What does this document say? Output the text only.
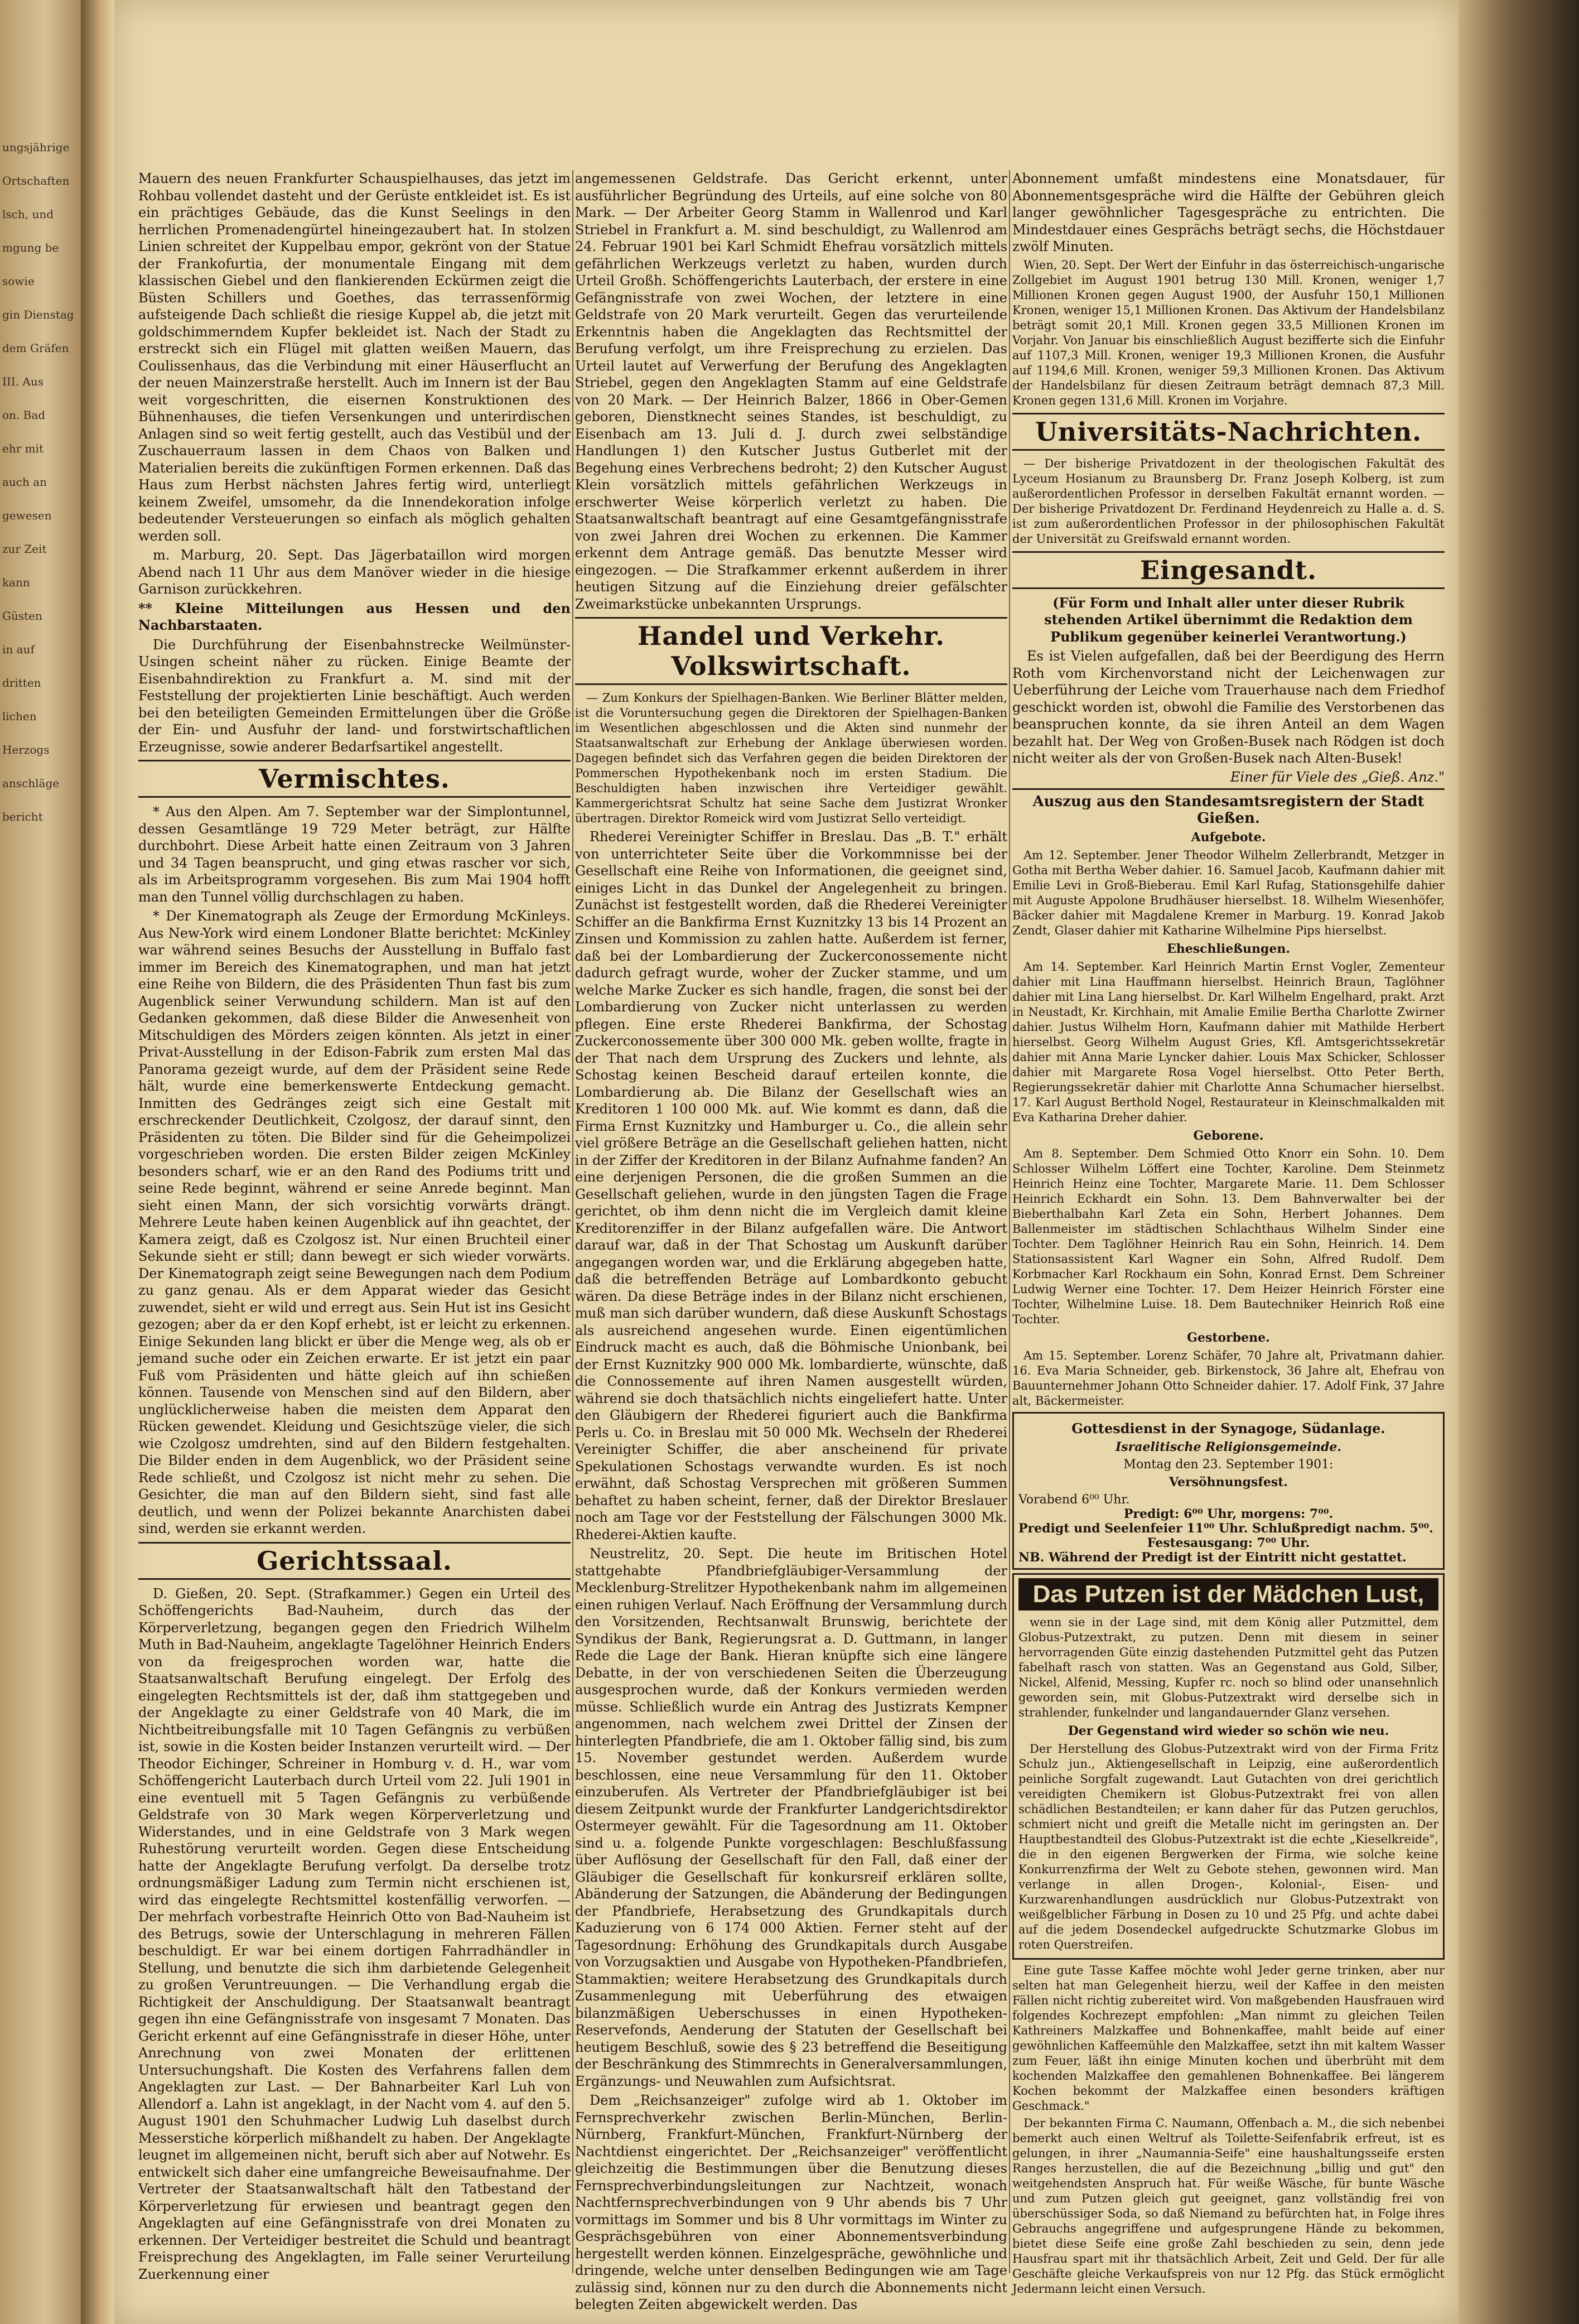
ungsjährige
Ortschaften
lsch, und
mgung be
sowie
gin Dienstag
dem Gräfen
III. Aus
on. Bad
ehr mit
auch an
gewesen
zur Zeit
kann
Güsten
in auf
dritten
lichen
Herzogs
anschläge
bericht

Mauern des neuen Frankfurter Schauspielhauses, das jetzt im Rohbau vollendet dasteht und der Gerüste entkleidet ist. Es ist ein prächtiges Gebäude, das die Kunst Seelings in den herrlichen Promenadengürtel hineingezaubert hat. In stolzen Linien schreitet der Kuppelbau empor, gekrönt von der Statue der Frankofurtia, der monumentale Eingang mit dem klassischen Giebel und den flankierenden Eckürmen zeigt die Büsten Schillers und Goethes, das terrassenförmig aufsteigende Dach schließt die riesige Kuppel ab, die jetzt mit goldschimmerndem Kupfer bekleidet ist. Nach der Stadt zu erstreckt sich ein Flügel mit glatten weißen Mauern, das Coulissenhaus, das die Verbindung mit einer Häuserflucht an der neuen Mainzerstraße herstellt. Auch im Innern ist der Bau weit vorgeschritten, die eisernen Konstruktionen des Bühnenhauses, die tiefen Versenkungen und unterirdischen Anlagen sind so weit fertig gestellt, auch das Vestibül und der Zuschauerraum lassen in dem Chaos von Balken und Materialien bereits die zukünftigen Formen erkennen. Daß das Haus zum Herbst nächsten Jahres fertig wird, unterliegt keinem Zweifel, umsomehr, da die Innendekoration infolge bedeutender Versteuerungen so einfach als möglich gehalten werden soll.

m. Marburg, 20. Sept. Das Jägerbataillon wird morgen Abend nach 11 Uhr aus dem Manöver wieder in die hiesige Garnison zurückkehren.

** Kleine Mitteilungen aus Hessen und den Nachbarstaaten.

Die Durchführung der Eisenbahnstrecke Weilmünster-Usingen scheint näher zu rücken. Einige Beamte der Eisenbahndirektion zu Frankfurt a. M. sind mit der Feststellung der projektierten Linie beschäftigt. Auch werden bei den beteiligten Gemeinden Ermittelungen über die Größe der Ein- und Ausfuhr der land- und forstwirtschaftlichen Erzeugnisse, sowie anderer Bedarfsartikel angestellt.

Vermischtes.

* Aus den Alpen. Am 7. September war der Simplontunnel, dessen Gesamtlänge 19 729 Meter beträgt, zur Hälfte durchbohrt. Diese Arbeit hatte einen Zeitraum von 3 Jahren und 34 Tagen beansprucht, und ging etwas rascher vor sich, als im Arbeitsprogramm vorgesehen. Bis zum Mai 1904 hofft man den Tunnel völlig durchschlagen zu haben.

* Der Kinematograph als Zeuge der Ermordung McKinleys. Aus New-York wird einem Londoner Blatte berichtet: McKinley war während seines Besuchs der Ausstellung in Buffalo fast immer im Bereich des Kinematographen, und man hat jetzt eine Reihe von Bildern, die des Präsidenten Thun fast bis zum Augenblick seiner Verwundung schildern. Man ist auf den Gedanken gekommen, daß diese Bilder die Anwesenheit von Mitschuldigen des Mörders zeigen könnten. Als jetzt in einer Privat-Ausstellung in der Edison-Fabrik zum ersten Mal das Panorama gezeigt wurde, auf dem der Präsident seine Rede hält, wurde eine bemerkenswerte Entdeckung gemacht. Inmitten des Gedränges zeigt sich eine Gestalt mit erschreckender Deutlichkeit, Czolgosz, der darauf sinnt, den Präsidenten zu töten. Die Bilder sind für die Geheimpolizei vorgeschrieben worden. Die ersten Bilder zeigen McKinley besonders scharf, wie er an den Rand des Podiums tritt und seine Rede beginnt, während er seine Anrede beginnt. Man sieht einen Mann, der sich vorsichtig vorwärts drängt. Mehrere Leute haben keinen Augenblick auf ihn geachtet, der Kamera zeigt, daß es Czolgosz ist. Nur einen Bruchteil einer Sekunde sieht er still; dann bewegt er sich wieder vorwärts. Der Kinematograph zeigt seine Bewegungen nach dem Podium zu ganz genau. Als er dem Apparat wieder das Gesicht zuwendet, sieht er wild und erregt aus. Sein Hut ist ins Gesicht gezogen; aber da er den Kopf erhebt, ist er leicht zu erkennen. Einige Sekunden lang blickt er über die Menge weg, als ob er jemand suche oder ein Zeichen erwarte. Er ist jetzt ein paar Fuß vom Präsidenten und hätte gleich auf ihn schießen können. Tausende von Menschen sind auf den Bildern, aber unglücklicherweise haben die meisten dem Apparat den Rücken gewendet. Kleidung und Gesichtszüge vieler, die sich wie Czolgosz umdrehten, sind auf den Bildern festgehalten. Die Bilder enden in dem Augenblick, wo der Präsident seine Rede schließt, und Czolgosz ist nicht mehr zu sehen. Die Gesichter, die man auf den Bildern sieht, sind fast alle deutlich, und wenn der Polizei bekannte Anarchisten dabei sind, werden sie erkannt werden.

Gerichtssaal.

D. Gießen, 20. Sept. (Strafkammer.) Gegen ein Urteil des Schöffengerichts Bad-Nauheim, durch das der Körperverletzung, begangen gegen den Friedrich Wilhelm Muth in Bad-Nauheim, angeklagte Tagelöhner Heinrich Enders von da freigesprochen worden war, hatte die Staatsanwaltschaft Berufung eingelegt. Der Erfolg des eingelegten Rechtsmittels ist der, daß ihm stattgegeben und der Angeklagte zu einer Geldstrafe von 40 Mark, die im Nichtbeitreibungsfalle mit 10 Tagen Gefängnis zu verbüßen ist, sowie in die Kosten beider Instanzen verurteilt wird. — Der Theodor Eichinger, Schreiner in Homburg v. d. H., war vom Schöffengericht Lauterbach durch Urteil vom 22. Juli 1901 in eine eventuell mit 5 Tagen Gefängnis zu verbüßende Geldstrafe von 30 Mark wegen Körperverletzung und Widerstandes, und in eine Geldstrafe von 3 Mark wegen Ruhestörung verurteilt worden. Gegen diese Entscheidung hatte der Angeklagte Berufung verfolgt. Da derselbe trotz ordnungsmäßiger Ladung zum Termin nicht erschienen ist, wird das eingelegte Rechtsmittel kostenfällig verworfen. — Der mehrfach vorbestrafte Heinrich Otto von Bad-Nauheim ist des Betrugs, sowie der Unterschlagung in mehreren Fällen beschuldigt. Er war bei einem dortigen Fahrradhändler in Stellung, und benutzte die sich ihm darbietende Gelegenheit zu großen Veruntreuungen. — Die Verhandlung ergab die Richtigkeit der Anschuldigung. Der Staatsanwalt beantragt gegen ihn eine Gefängnisstrafe von insgesamt 7 Monaten. Das Gericht erkennt auf eine Gefängnisstrafe in dieser Höhe, unter Anrechnung von zwei Monaten der erlittenen Untersuchungshaft. Die Kosten des Verfahrens fallen dem Angeklagten zur Last. — Der Bahnarbeiter Karl Luh von Allendorf a. Lahn ist angeklagt, in der Nacht vom 4. auf den 5. August 1901 den Schuhmacher Ludwig Luh daselbst durch Messerstiche körperlich mißhandelt zu haben. Der Angeklagte leugnet im allgemeinen nicht, beruft sich aber auf Notwehr. Es entwickelt sich daher eine umfangreiche Beweisaufnahme. Der Vertreter der Staatsanwaltschaft hält den Tatbestand der Körperverletzung für erwiesen und beantragt gegen den Angeklagten auf eine Gefängnisstrafe von drei Monaten zu erkennen. Der Verteidiger bestreitet die Schuld und beantragt Freisprechung des Angeklagten, im Falle seiner Verurteilung Zuerkennung einer

angemessenen Geldstrafe. Das Gericht erkennt, unter ausführlicher Begründung des Urteils, auf eine solche von 80 Mark. — Der Arbeiter Georg Stamm in Wallenrod und Karl Striebel in Frankfurt a. M. sind beschuldigt, zu Wallenrod am 24. Februar 1901 bei Karl Schmidt Ehefrau vorsätzlich mittels gefährlichen Werkzeugs verletzt zu haben, wurden durch Urteil Großh. Schöffengerichts Lauterbach, der erstere in eine Gefängnisstrafe von zwei Wochen, der letztere in eine Geldstrafe von 20 Mark verurteilt. Gegen das verurteilende Erkenntnis haben die Angeklagten das Rechtsmittel der Berufung verfolgt, um ihre Freisprechung zu erzielen. Das Urteil lautet auf Verwerfung der Berufung des Angeklagten Striebel, gegen den Angeklagten Stamm auf eine Geldstrafe von 20 Mark. — Der Heinrich Balzer, 1866 in Ober-Gemen geboren, Dienstknecht seines Standes, ist beschuldigt, zu Eisenbach am 13. Juli d. J. durch zwei selbständige Handlungen 1) den Kutscher Justus Gutberlet mit der Begehung eines Verbrechens bedroht; 2) den Kutscher August Klein vorsätzlich mittels gefährlichen Werkzeugs in erschwerter Weise körperlich verletzt zu haben. Die Staatsanwaltschaft beantragt auf eine Gesamtgefängnisstrafe von zwei Jahren drei Wochen zu erkennen. Die Kammer erkennt dem Antrage gemäß. Das benutzte Messer wird eingezogen. — Die Strafkammer erkennt außerdem in ihrer heutigen Sitzung auf die Einziehung dreier gefälschter Zweimarkstücke unbekannten Ursprungs.

Handel und Verkehr. Volkswirtschaft.

— Zum Konkurs der Spielhagen-Banken. Wie Berliner Blätter melden, ist die Voruntersuchung gegen die Direktoren der Spielhagen-Banken im Wesentlichen abgeschlossen und die Akten sind nunmehr der Staatsanwaltschaft zur Erhebung der Anklage überwiesen worden. Dagegen befindet sich das Verfahren gegen die beiden Direktoren der Pommerschen Hypothekenbank noch im ersten Stadium. Die Beschuldigten haben inzwischen ihre Verteidiger gewählt. Kammergerichtsrat Schultz hat seine Sache dem Justizrat Wronker übertragen. Direktor Romeick wird vom Justizrat Sello verteidigt.

Rhederei Vereinigter Schiffer in Breslau. Das „B. T." erhält von unterrichteter Seite über die Vorkommnisse bei der Gesellschaft eine Reihe von Informationen, die geeignet sind, einiges Licht in das Dunkel der Angelegenheit zu bringen. Zunächst ist festgestellt worden, daß die Rhederei Vereinigter Schiffer an die Bankfirma Ernst Kuznitzky 13 bis 14 Prozent an Zinsen und Kommission zu zahlen hatte. Außerdem ist ferner, daß bei der Lombardierung der Zuckerconossemente nicht dadurch gefragt wurde, woher der Zucker stamme, und um welche Marke Zucker es sich handle, fragen, die sonst bei der Lombardierung von Zucker nicht unterlassen zu werden pflegen. Eine erste Rhederei Bankfirma, der Schostag Zuckerconossemente über 300 000 Mk. geben wollte, fragte in der That nach dem Ursprung des Zuckers und lehnte, als Schostag keinen Bescheid darauf erteilen konnte, die Lombardierung ab. Die Bilanz der Gesellschaft wies an Kreditoren 1 100 000 Mk. auf. Wie kommt es dann, daß die Firma Ernst Kuznitzky und Hamburger u. Co., die allein sehr viel größere Beträge an die Gesellschaft geliehen hatten, nicht in der Ziffer der Kreditoren in der Bilanz Aufnahme fanden? An eine derjenigen Personen, die die großen Summen an die Gesellschaft geliehen, wurde in den jüngsten Tagen die Frage gerichtet, ob ihm denn nicht die im Vergleich damit kleine Kreditorenziffer in der Bilanz aufgefallen wäre. Die Antwort darauf war, daß in der That Schostag um Auskunft darüber angegangen worden war, und die Erklärung abgegeben hatte, daß die betreffenden Beträge auf Lombardkonto gebucht wären. Da diese Beträge indes in der Bilanz nicht erschienen, muß man sich darüber wundern, daß diese Auskunft Schostags als ausreichend angesehen wurde. Einen eigentümlichen Eindruck macht es auch, daß die Böhmische Unionbank, bei der Ernst Kuznitzky 900 000 Mk. lombardierte, wünschte, daß die Connossemente auf ihren Namen ausgestellt würden, während sie doch thatsächlich nichts eingeliefert hatte. Unter den Gläubigern der Rhederei figuriert auch die Bankfirma Perls u. Co. in Breslau mit 50 000 Mk. Wechseln der Rhederei Vereinigter Schiffer, die aber anscheinend für private Spekulationen Schostags verwandte wurden. Es ist noch erwähnt, daß Schostag Versprechen mit größeren Summen behaftet zu haben scheint, ferner, daß der Direktor Breslauer noch am Tage vor der Feststellung der Fälschungen 3000 Mk. Rhederei-Aktien kaufte.

Neustrelitz, 20. Sept. Die heute im Britischen Hotel stattgehabte Pfandbriefgläubiger-Versammlung der Mecklenburg-Strelitzer Hypothekenbank nahm im allgemeinen einen ruhigen Verlauf. Nach Eröffnung der Versammlung durch den Vorsitzenden, Rechtsanwalt Brunswig, berichtete der Syndikus der Bank, Regierungsrat a. D. Guttmann, in langer Rede die Lage der Bank. Hieran knüpfte sich eine längere Debatte, in der von verschiedenen Seiten die Überzeugung ausgesprochen wurde, daß der Konkurs vermieden werden müsse. Schließlich wurde ein Antrag des Justizrats Kempner angenommen, nach welchem zwei Drittel der Zinsen der hinterlegten Pfandbriefe, die am 1. Oktober fällig sind, bis zum 15. November gestundet werden. Außerdem wurde beschlossen, eine neue Versammlung für den 11. Oktober einzuberufen. Als Vertreter der Pfandbriefgläubiger ist bei diesem Zeitpunkt wurde der Frankfurter Landgerichtsdirektor Ostermeyer gewählt. Für die Tagesordnung am 11. Oktober sind u. a. folgende Punkte vorgeschlagen: Beschlußfassung über Auflösung der Gesellschaft für den Fall, daß einer der Gläubiger die Gesellschaft für konkursreif erklären sollte, Abänderung der Satzungen, die Abänderung der Bedingungen der Pfandbriefe, Herabsetzung des Grundkapitals durch Kaduzierung von 6 174 000 Aktien. Ferner steht auf der Tagesordnung: Erhöhung des Grundkapitals durch Ausgabe von Vorzugsaktien und Ausgabe von Hypotheken-Pfandbriefen, Stammaktien; weitere Herabsetzung des Grundkapitals durch Zusammenlegung mit Ueberführung des etwaigen bilanzmäßigen Ueberschusses in einen Hypotheken-Reservefonds, Aenderung der Statuten der Gesellschaft bei heutigem Beschluß, sowie des § 23 betreffend die Beseitigung der Beschränkung des Stimmrechts in Generalversammlungen, Ergänzungs- und Neuwahlen zum Aufsichtsrat.

Dem „Reichsanzeiger" zufolge wird ab 1. Oktober im Fernsprechverkehr zwischen Berlin-München, Berlin-Nürnberg, Frankfurt-München, Frankfurt-Nürnberg der Nachtdienst eingerichtet. Der „Reichsanzeiger" veröffentlicht gleichzeitig die Bestimmungen über die Benutzung dieses Fernsprechverbindungsleitungen zur Nachtzeit, wonach Nachtfernsprechverbindungen von 9 Uhr abends bis 7 Uhr vormittags im Sommer und bis 8 Uhr vormittags im Winter zu Gesprächsgebühren von einer Abonnementsverbindung hergestellt werden können. Einzelgespräche, gewöhnliche und dringende, welche unter denselben Bedingungen wie am Tage zulässig sind, können nur zu den durch die Abonnements nicht belegten Zeiten abgewickelt werden. Das

Abonnement umfaßt mindestens eine Monatsdauer, für Abonnementsgespräche wird die Hälfte der Gebühren gleich langer gewöhnlicher Tagesgespräche zu entrichten. Die Mindestdauer eines Gesprächs beträgt sechs, die Höchstdauer zwölf Minuten.

Wien, 20. Sept. Der Wert der Einfuhr in das österreichisch-ungarische Zollgebiet im August 1901 betrug 130 Mill. Kronen, weniger 1,7 Millionen Kronen gegen August 1900, der Ausfuhr 150,1 Millionen Kronen, weniger 15,1 Millionen Kronen. Das Aktivum der Handelsbilanz beträgt somit 20,1 Mill. Kronen gegen 33,5 Millionen Kronen im Vorjahr. Von Januar bis einschließlich August bezifferte sich die Einfuhr auf 1107,3 Mill. Kronen, weniger 19,3 Millionen Kronen, die Ausfuhr auf 1194,6 Mill. Kronen, weniger 59,3 Millionen Kronen. Das Aktivum der Handelsbilanz für diesen Zeitraum beträgt demnach 87,3 Mill. Kronen gegen 131,6 Mill. Kronen im Vorjahre.

Universitäts-Nachrichten.

— Der bisherige Privatdozent in der theologischen Fakultät des Lyceum Hosianum zu Braunsberg Dr. Franz Joseph Kolberg, ist zum außerordentlichen Professor in derselben Fakultät ernannt worden. — Der bisherige Privatdozent Dr. Ferdinand Heydenreich zu Halle a. d. S. ist zum außerordentlichen Professor in der philosophischen Fakultät der Universität zu Greifswald ernannt worden.

Eingesandt.

(Für Form und Inhalt aller unter dieser Rubrik stehenden Artikel übernimmt die Redaktion dem Publikum gegenüber keinerlei Verantwortung.)

Es ist Vielen aufgefallen, daß bei der Beerdigung des Herrn Roth vom Kirchenvorstand nicht der Leichenwagen zur Ueberführung der Leiche vom Trauerhause nach dem Friedhof geschickt worden ist, obwohl die Familie des Verstorbenen das beanspruchen konnte, da sie ihren Anteil an dem Wagen bezahlt hat. Der Weg von Großen-Busek nach Rödgen ist doch nicht weiter als der von Großen-Busek nach Alten-Busek!

Einer für Viele des „Gieß. Anz."
Auszug aus den Standesamtsregistern der Stadt Gießen.
Aufgebote.

Am 12. September. Jener Theodor Wilhelm Zellerbrandt, Metzger in Gotha mit Bertha Weber dahier. 16. Samuel Jacob, Kaufmann dahier mit Emilie Levi in Groß-Bieberau. Emil Karl Rufag, Stationsgehilfe dahier mit Auguste Appolone Brudhäuser hierselbst. 18. Wilhelm Wiesenhöfer, Bäcker dahier mit Magdalene Kremer in Marburg. 19. Konrad Jakob Zendt, Glaser dahier mit Katharine Wilhelmine Pips hierselbst.

Eheschließungen.

Am 14. September. Karl Heinrich Martin Ernst Vogler, Zementeur dahier mit Lina Hauffmann hierselbst. Heinrich Braun, Taglöhner dahier mit Lina Lang hierselbst. Dr. Karl Wilhelm Engelhard, prakt. Arzt in Neustadt, Kr. Kirchhain, mit Amalie Emilie Bertha Charlotte Zwirner dahier. Justus Wilhelm Horn, Kaufmann dahier mit Mathilde Herbert hierselbst. Georg Wilhelm August Gries, Kfl. Amtsgerichtssekretär dahier mit Anna Marie Lyncker dahier. Louis Max Schicker, Schlosser dahier mit Margarete Rosa Vogel hierselbst. Otto Peter Berth, Regierungssekretär dahier mit Charlotte Anna Schumacher hierselbst. 17. Karl August Berthold Nogel, Restaurateur in Kleinschmalkalden mit Eva Katharina Dreher dahier.

Geborene.

Am 8. September. Dem Schmied Otto Knorr ein Sohn. 10. Dem Schlosser Wilhelm Löffert eine Tochter, Karoline. Dem Steinmetz Heinrich Heinz eine Tochter, Margarete Marie. 11. Dem Schlosser Heinrich Eckhardt ein Sohn. 13. Dem Bahnverwalter bei der Bieberthalbahn Karl Zeta ein Sohn, Herbert Johannes. Dem Ballenmeister im städtischen Schlachthaus Wilhelm Sinder eine Tochter. Dem Taglöhner Heinrich Rau ein Sohn, Heinrich. 14. Dem Stationsassistent Karl Wagner ein Sohn, Alfred Rudolf. Dem Korbmacher Karl Rockhaum ein Sohn, Konrad Ernst. Dem Schreiner Ludwig Werner eine Tochter. 17. Dem Heizer Heinrich Förster eine Tochter, Wilhelmine Luise. 18. Dem Bautechniker Heinrich Roß eine Tochter.

Gestorbene.

Am 15. September. Lorenz Schäfer, 70 Jahre alt, Privatmann dahier. 16. Eva Maria Schneider, geb. Birkenstock, 36 Jahre alt, Ehefrau von Bauunternehmer Johann Otto Schneider dahier. 17. Adolf Fink, 37 Jahre alt, Bäckermeister.

Gottesdienst in der Synagoge, Südanlage.
Israelitische Religionsgemeinde.
Montag den 23. September 1901:
Versöhnungsfest.
Vorabend 6⁰⁰ Uhr.
Predigt: 6⁰⁰ Uhr, morgens: 7⁰⁰.
Predigt und Seelenfeier 11⁰⁰ Uhr. Schlußpredigt nachm. 5⁰⁰.
Festesausgang: 7⁰⁰ Uhr.
NB. Während der Predigt ist der Eintritt nicht gestattet.
Das Putzen ist der Mädchen Lust,

wenn sie in der Lage sind, mit dem König aller Putzmittel, dem Globus-Putzextrakt, zu putzen. Denn mit diesem in seiner hervorragenden Güte einzig dastehenden Putzmittel geht das Putzen fabelhaft rasch von statten. Was an Gegenstand aus Gold, Silber, Nickel, Alfenid, Messing, Kupfer rc. noch so blind oder unansehnlich geworden sein, mit Globus-Putzextrakt wird derselbe sich in strahlender, funkelnder und langandauernder Glanz versehen.

Der Gegenstand wird wieder so schön wie neu.

Der Herstellung des Globus-Putzextrakt wird von der Firma Fritz Schulz jun., Aktiengesellschaft in Leipzig, eine außerordentlich peinliche Sorgfalt zugewandt. Laut Gutachten von drei gerichtlich vereidigten Chemikern ist Globus-Putzextrakt frei von allen schädlichen Bestandteilen; er kann daher für das Putzen geruchlos, schmiert nicht und greift die Metalle nicht im geringsten an. Der Hauptbestandteil des Globus-Putzextrakt ist die echte „Kieselkreide", die in den eigenen Bergwerken der Firma, wie solche keine Konkurrenzfirma der Welt zu Gebote stehen, gewonnen wird. Man verlange in allen Drogen-, Kolonial-, Eisen- und Kurzwarenhandlungen ausdrücklich nur Globus-Putzextrakt von weißgelblicher Färbung in Dosen zu 10 und 25 Pfg. und achte dabei auf die jedem Dosendeckel aufgedruckte Schutzmarke Globus im roten Querstreifen.

Eine gute Tasse Kaffee möchte wohl Jeder gerne trinken, aber nur selten hat man Gelegenheit hierzu, weil der Kaffee in den meisten Fällen nicht richtig zubereitet wird. Von maßgebenden Hausfrauen wird folgendes Kochrezept empfohlen: „Man nimmt zu gleichen Teilen Kathreiners Malzkaffee und Bohnenkaffee, mahlt beide auf einer gewöhnlichen Kaffeemühle den Malzkaffee, setzt ihn mit kaltem Wasser zum Feuer, läßt ihn einige Minuten kochen und überbrüht mit dem kochenden Malzkaffee den gemahlenen Bohnenkaffee. Bei längerem Kochen bekommt der Malzkaffee einen besonders kräftigen Geschmack."

Der bekannten Firma C. Naumann, Offenbach a. M., die sich nebenbei bemerkt auch einen Weltruf als Toilette-Seifenfabrik erfreut, ist es gelungen, in ihrer „Naumannia-Seife" eine haushaltungsseife ersten Ranges herzustellen, die auf die Bezeichnung „billig und gut" den weitgehendsten Anspruch hat. Für weiße Wäsche, für bunte Wäsche und zum Putzen gleich gut geeignet, ganz vollständig frei von überschüssiger Soda, so daß Niemand zu befürchten hat, in Folge ihres Gebrauchs angegriffene und aufgesprungene Hände zu bekommen, bietet diese Seife eine große Zahl beschieden zu sein, denn jede Hausfrau spart mit ihr thatsächlich Arbeit, Zeit und Geld. Der für alle Geschäfte gleiche Verkaufspreis von nur 12 Pfg. das Stück ermöglicht Jedermann leicht einen Versuch.
